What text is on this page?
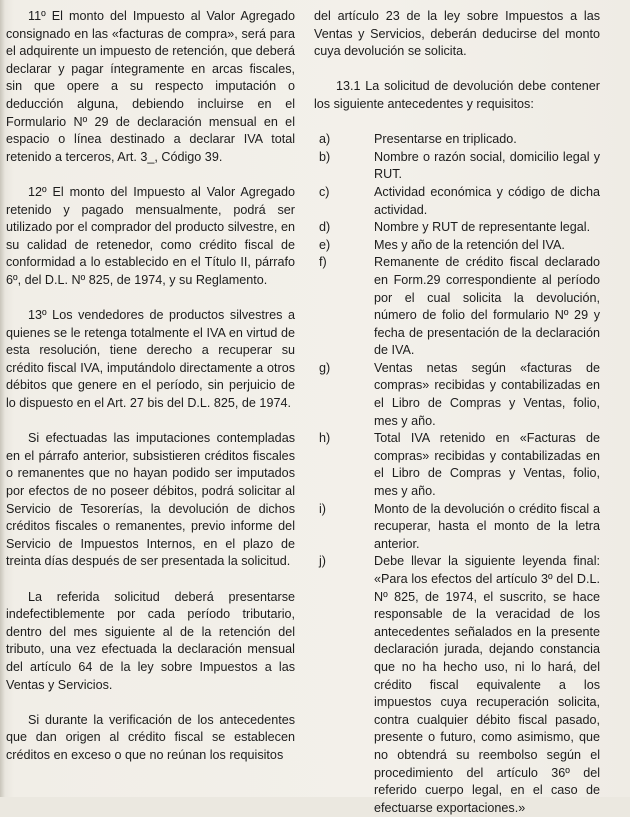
11º El monto del Impuesto al Valor Agregado consignado en las «facturas de compra», será para el adquirente un impuesto de retención, que deberá declarar y pagar íntegramente en arcas fiscales, sin que opere a su respecto imputación o deducción alguna, debiendo incluirse en el Formulario Nº 29 de declaración mensual en el espacio o línea destinado a declarar IVA total retenido a terceros, Art. 3_, Código 39.

12º El monto del Impuesto al Valor Agregado retenido y pagado mensualmente, podrá ser utilizado por el comprador del producto silvestre, en su calidad de retenedor, como crédito fiscal de conformidad a lo establecido en el Título II, párrafo 6º, del D.L. Nº 825, de 1974, y su Reglamento.

13º Los vendedores de productos silvestres a quienes se le retenga totalmente el IVA en virtud de esta resolución, tiene derecho a recuperar su crédito fiscal IVA, imputándolo directamente a otros débitos que genere en el período, sin perjuicio de lo dispuesto en el Art. 27 bis del D.L. 825, de 1974.

Si efectuadas las imputaciones contempladas en el párrafo anterior, subsistieren créditos fiscales o remanentes que no hayan podido ser imputados por efectos de no poseer débitos, podrá solicitar al Servicio de Tesorerías, la devolución de dichos créditos fiscales o remanentes, previo informe del Servicio de Impuestos Internos, en el plazo de treinta días después de ser presentada la solicitud.

La referida solicitud deberá presentarse indefectiblemente por cada período tributario, dentro del mes siguiente al de la retención del tributo, una vez efectuada la declaración mensual del artículo 64 de la ley sobre Impuestos a las Ventas y Servicios.

Si durante la verificación de los antecedentes que dan origen al crédito fiscal se establecen créditos en exceso o que no reúnan los requisitos

del artículo 23 de la ley sobre Impuestos a las Ventas y Servicios, deberán deducirse del monto cuya devolución se solicita.

13.1 La solicitud de devolución debe contener los siguiente antecedentes y requisitos:

a)	Presentarse en triplicado.
b)	Nombre o razón social, domicilio legal y RUT.
c)	Actividad económica y código de dicha actividad.
d)	Nombre y RUT de representante legal.
e)	Mes y año de la retención del IVA.
f)	Remanente de crédito fiscal declarado en Form.29 correspondiente al período por el cual solicita la devolución, número de folio del formulario Nº 29 y fecha de presentación de la declaración de IVA.
g)	Ventas netas según «facturas de compras» recibidas y contabilizadas en el Libro de Compras y Ventas, folio, mes y año.
h)	Total IVA retenido en «Facturas de compras» recibidas y contabilizadas en el Libro de Compras y Ventas, folio, mes y año.
i)	Monto de la devolución o crédito fiscal a recuperar, hasta el monto de la letra anterior.
j)	Debe llevar la siguiente leyenda final: «Para los efectos del artículo 3º del D.L. Nº 825, de 1974, el suscrito, se hace responsable de la veracidad de los antecedentes señalados en la presente declaración jurada, dejando constancia que no ha hecho uso, ni lo hará, del crédito fiscal equivalente a los impuestos cuya recuperación solicita, contra cualquier débito fiscal pasado, presente o futuro, como asimismo, que no obtendrá su reembolso según el procedimiento del artículo 36º del referido cuerpo legal, en el caso de efectuarse exportaciones.»
